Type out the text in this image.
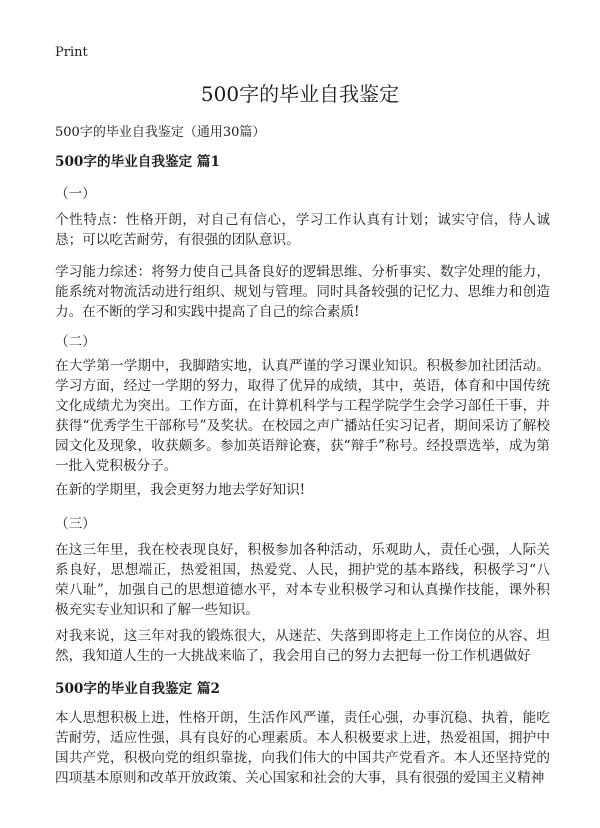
Print
500字的毕业自我鉴定

500字的毕业自我鉴定（通用30篇）

500字的毕业自我鉴定 篇1

（一）

个性特点：性格开朗，对自己有信心，学习工作认真有计划；诚实守信，待人诚恳；可以吃苦耐劳，有很强的团队意识。

学习能力综述：将努力使自己具备良好的逻辑思维、分析事实、数字处理的能力，能系统对物流活动进行组织、规划与管理。同时具备较强的记忆力、思维力和创造力。在不断的学习和实践中提高了自己的综合素质!

（二）

在大学第一学期中，我脚踏实地，认真严谨的学习课业知识。积极参加社团活动。学习方面，经过一学期的努力，取得了优异的成绩，其中，英语，体育和中国传统文化成绩尤为突出。工作方面，在计算机科学与工程学院学生会学习部任干事，并获得“优秀学生干部称号”及奖状。在校园之声广播站任实习记者，期间采访了解校园文化及现象，收获颇多。参加英语辩论赛，获“辩手”称号。经投票选举，成为第一批入党积极分子。

在新的学期里，我会更努力地去学好知识!

（三）

在这三年里，我在校表现良好，积极参加各种活动，乐观助人，责任心强，人际关系良好，思想端正，热爱祖国，热爱党、人民，拥护党的基本路线，积极学习“八荣八耻”，加强自己的思想道德水平，对本专业积极学习和认真操作技能，课外积极充实专业知识和了解一些知识。

对我来说，这三年对我的锻炼很大，从迷茫、失落到即将走上工作岗位的从容、坦然，我知道人生的一大挑战来临了，我会用自己的努力去把每一份工作机遇做好

500字的毕业自我鉴定 篇2

本人思想积极上进，性格开朗，生活作风严谨，责任心强，办事沉稳、执着，能吃苦耐劳，适应性强，具有良好的心理素质。本人积极要求上进，热爱祖国，拥护中国共产党，积极向党的组织靠拢，向我们伟大的中国共产党看齐。本人还坚持党的四项基本原则和改革开放政策、关心国家和社会的大事，具有很强的爱国主义精神
